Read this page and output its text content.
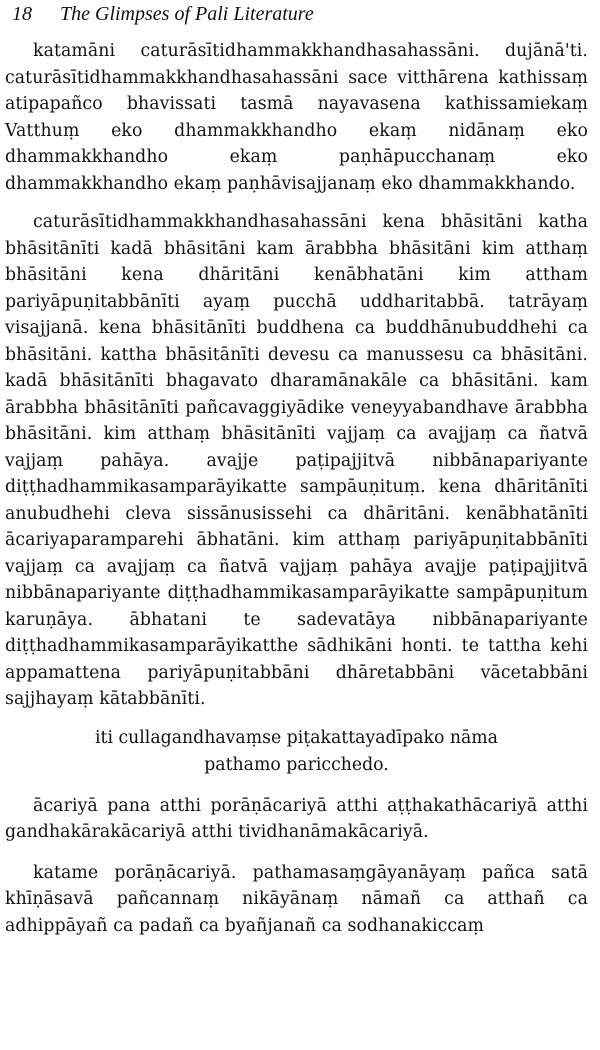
18 The Glimpses of Pali Literature

katamāni caturāsītidhammakkhandhasahassāni. dujānā'ti. caturāsītidhammakkhandhasahassāni sace vitthārena kathissaṃ atipapañco bhavissati tasmā nayavasena kathissamiekaṃ Vatthuṃ eko dhammakkhandho ekaṃ nidānaṃ eko dhammakkhandho ekaṃ paṇhāpucchanaṃ eko dhammakkhandho ekaṃ paṇhāvisajjanaṃ eko dhammakkhando.

caturāsītidhammakkhandhasahassāni kena bhāsitāni katha bhāsitānīti kadā bhāsitāni kam ārabbha bhāsitāni kim atthaṃ bhāsitāni kena dhāritāni kenābhatāni kim attham pariyāpuṇitabbānīti ayaṃ pucchā uddharitabbā. tatrāyaṃ visajjanā. kena bhāsitānīti buddhena ca buddhānubuddhehi ca bhāsitāni. kattha bhāsitānīti devesu ca manussesu ca bhāsitāni. kadā bhāsitānīti bhagavato dharamānakāle ca bhāsitāni. kam ārabbha bhāsitānīti pañcavaggiyādike veneyyabandhave ārabbha bhāsitāni. kim atthaṃ bhāsitānīti vajjaṃ ca avajjaṃ ca ñatvā vajjaṃ pahāya. avajje paṭipajjitvā nibbānapariyante diṭṭhadhammikasamparāyikatte sampāuṇituṃ. kena dhāritānīti anubudhehi cleva sissānusissehi ca dhāritāni. kenābhatānīti ācariyaparamparehi ābhatāni. kim atthaṃ pariyāpuṇitabbānīti vajjaṃ ca avajjaṃ ca ñatvā vajjaṃ pahāya avajje paṭipajjitvā nibbānapariyante diṭṭhadhammikasamparāyikatte sampāpuṇitum karuṇāya. ābhatani te sadevatāya nibbānapariyante diṭṭhadhammikasamparāyikatthe sādhikāni honti. te tattha kehi appamattena pariyāpuṇitabbāni dhāretabbāni vācetabbāni sajjhayaṃ kātabbānīti.

iti cullagandhavaṃse piṭakattayadīpako nāma
pathamo paricchedo.

ācariyā pana atthi porāṇācariyā atthi aṭṭhakathācariyā atthi gandhakārakācariyā atthi tividhanāmakācariyā.

katame porāṇācariyā. pathamasaṃgāyanāyaṃ pañca satā khīṇāsavā pañcannaṃ nikāyānaṃ nāmañ ca atthañ ca adhippāyañ ca padañ ca byañjanañ ca sodhanakiccaṃ
